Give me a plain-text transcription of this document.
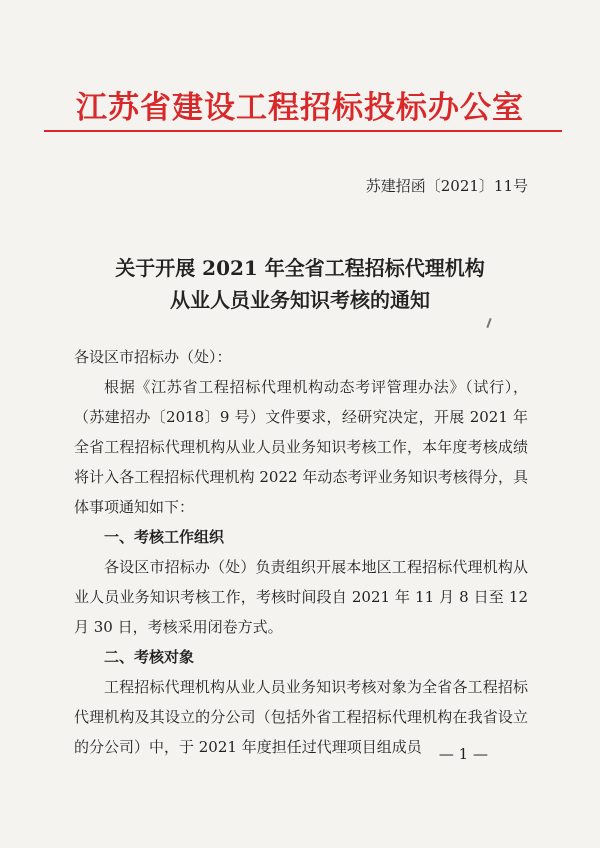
江苏省建设工程招标投标办公室
苏建招函〔2021〕11号
关于开展 2021 年全省工程招标代理机构
从业人员业务知识考核的通知

各设区市招标办（处）：

根据《江苏省工程招标代理机构动态考评管理办法》（试行），（苏建招办〔2018〕9 号）文件要求，经研究决定，开展 2021 年全省工程招标代理机构从业人员业务知识考核工作，本年度考核成绩将计入各工程招标代理机构 2022 年动态考评业务知识考核得分，具体事项通知如下：

一、考核工作组织

各设区市招标办（处）负责组织开展本地区工程招标代理机构从业人员业务知识考核工作，考核时间段自 2021 年 11 月 8 日至 12 月 30 日，考核采用闭卷方式。

二、考核对象

工程招标代理机构从业人员业务知识考核对象为全省各工程招标代理机构及其设立的分公司（包括外省工程招标代理机构在我省设立的分公司）中，于 2021 年度担任过代理项目组成员	— 1 —
